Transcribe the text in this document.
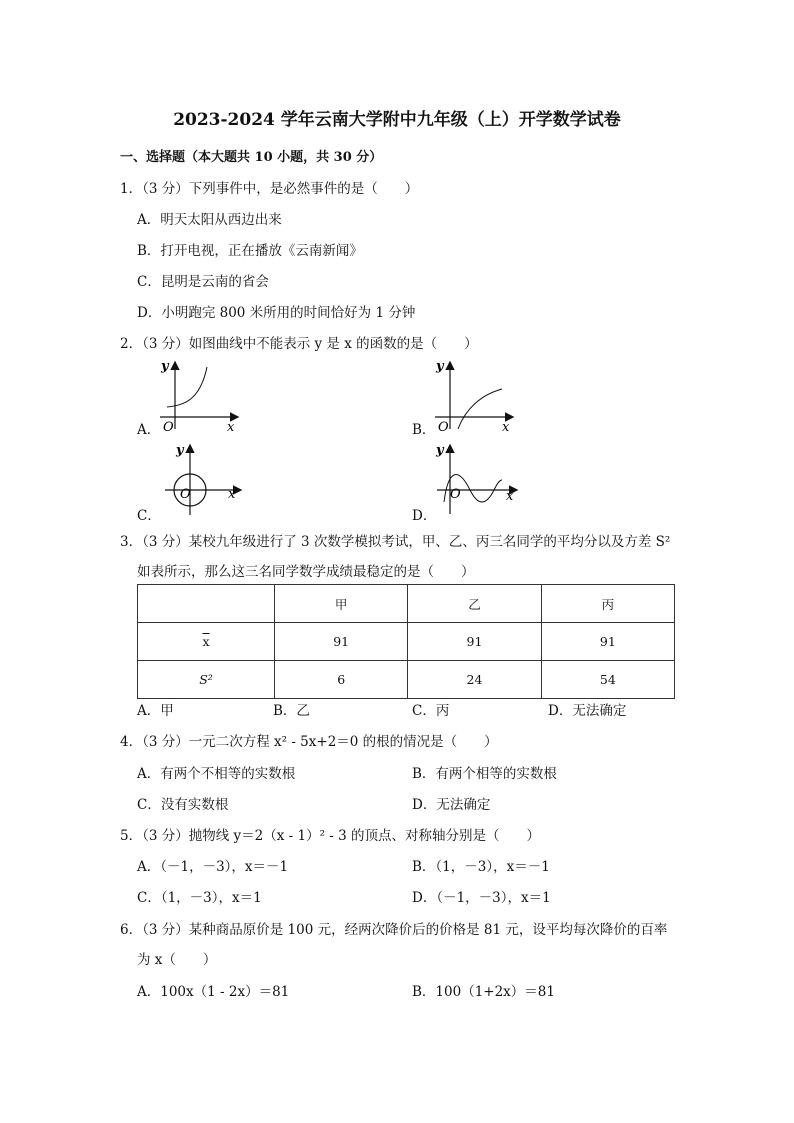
2023-2024 学年云南大学附中九年级（上）开学数学试卷
一、选择题（本大题共 10 小题，共 30 分）
1．（3 分）下列事件中，是必然事件的是（　　）
A．明天太阳从西边出来
B．打开电视，正在播放《云南新闻》
C．昆明是云南的省会
D．小明跑完 800 米所用的时间恰好为 1 分钟
2．（3 分）如图曲线中不能表示 y 是 x 的函数的是（　　）
A．
y
x
O	B．
y
x
O
C．
y
x
O
D．
y
x
O
3．（3 分）某校九年级进行了 3 次数学模拟考试，甲、乙、丙三名同学的平均分以及方差 S²
如表所示，那么这三名同学数学成绩最稳定的是（　　）
	甲	乙	丙
$\overline{x}$	91	91	91
S²	6	24	54
A．甲	B．乙	C．丙	D．无法确定
4．（3 分）一元二次方程 x² - 5x+2＝0 的根的情况是（　　）
A．有两个不相等的实数根	B．有两个相等的实数根
C．没有实数根	D．无法确定
5．（3 分）抛物线 y＝2（x - 1）² - 3 的顶点、对称轴分别是（　　）
A．（－1，－3），x＝－1	B．（1，－3），x＝－1
C．（1，－3），x＝1	D．（－1，－3），x＝1
6．（3 分）某种商品原价是 100 元，经两次降价后的价格是 81 元，设平均每次降价的百率
为 x（　　）
A．100x（1 - 2x）＝81	B．100（1+2x）＝81
